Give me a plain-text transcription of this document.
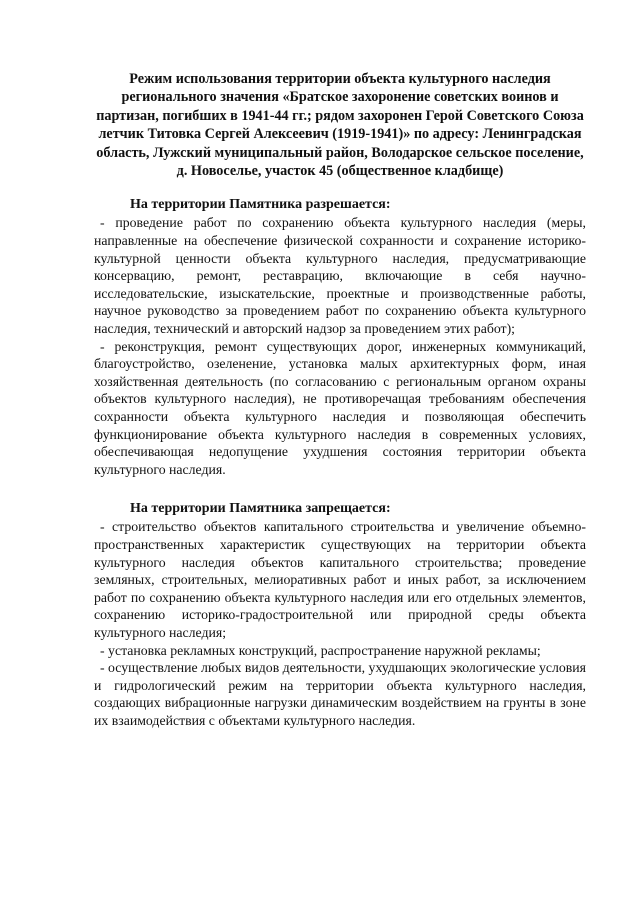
Режим использования территории объекта культурного наследия регионального значения «Братское захоронение советских воинов и партизан, погибших в 1941-44 гг.; рядом захоронен Герой Советского Союза летчик Титовка Сергей Алексеевич (1919-1941)» по адресу: Ленинградская область, Лужский муниципальный район, Володарское сельское поселение, д. Новоселье, участок 45 (общественное кладбище)

На территории Памятника разрешается:

- проведение работ по сохранению объекта культурного наследия (меры, направленные на обеспечение физической сохранности и сохранение историко-культурной ценности объекта культурного наследия, предусматривающие консервацию, ремонт, реставрацию, включающие в себя научно-исследовательские, изыскательские, проектные и производственные работы, научное руководство за проведением работ по сохранению объекта культурного наследия, технический и авторский надзор за проведением этих работ);

- реконструкция, ремонт существующих дорог, инженерных коммуникаций, благоустройство, озеленение, установка малых архитектурных форм, иная хозяйственная деятельность (по согласованию с региональным органом охраны объектов культурного наследия), не противоречащая требованиям обеспечения сохранности объекта культурного наследия и позволяющая обеспечить функционирование объекта культурного наследия в современных условиях, обеспечивающая недопущение ухудшения состояния территории объекта культурного наследия.

На территории Памятника запрещается:

- строительство объектов капитального строительства и увеличение объемно-пространственных характеристик существующих на территории объекта культурного наследия объектов капитального строительства; проведение земляных, строительных, мелиоративных работ и иных работ, за исключением работ по сохранению объекта культурного наследия или его отдельных элементов, сохранению историко-градостроительной или природной среды объекта культурного наследия;

- установка рекламных конструкций, распространение наружной рекламы;

- осуществление любых видов деятельности, ухудшающих экологические условия и гидрологический режим на территории объекта культурного наследия, создающих вибрационные нагрузки динамическим воздействием на грунты в зоне их взаимодействия с объектами культурного наследия.
